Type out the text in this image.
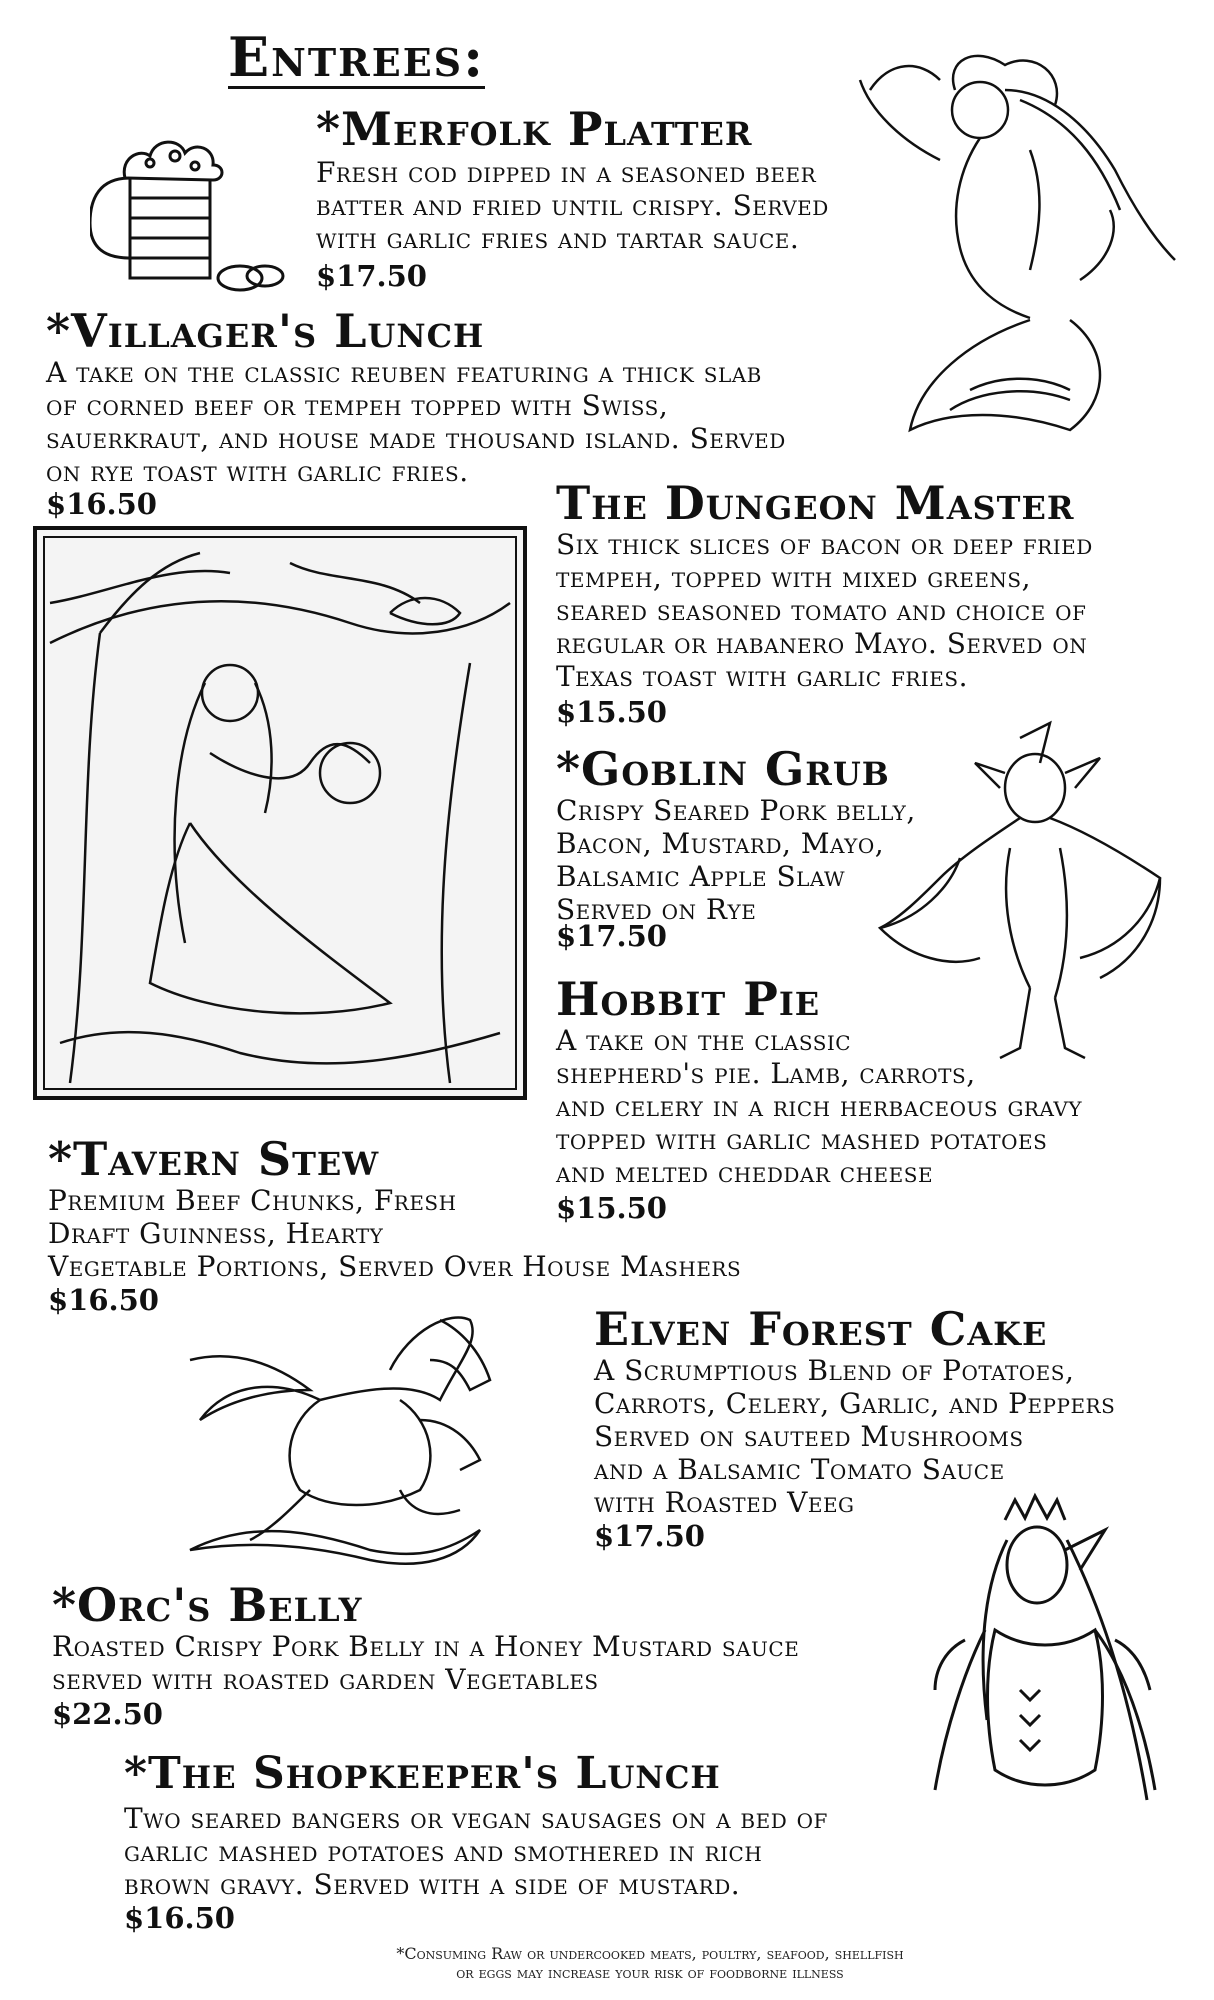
Entrees:
*Merfolk Platter
Fresh cod dipped in a seasoned beer
batter and fried until crispy. Served
with garlic fries and tartar sauce.
$17.50
*Villager's Lunch
A take on the classic reuben featuring a thick slab
of corned beef or tempeh topped with Swiss,
sauerkraut, and house made thousand island. Served
on rye toast with garlic fries.
$16.50	The Dungeon Master
Six thick slices of bacon or deep fried
tempeh, topped with mixed greens,
seared seasoned tomato and choice of
regular or habanero Mayo. Served on
Texas toast with garlic fries.
$15.50
*Goblin Grub
Crispy Seared Pork belly,
Bacon, Mustard, Mayo,
Balsamic Apple Slaw
Served on Rye
$17.50
Hobbit Pie
A take on the classic
shepherd's pie. Lamb, carrots,
and celery in a rich herbaceous gravy
topped with garlic mashed potatoes
and melted cheddar cheese
$15.50
*Tavern Stew
Premium Beef Chunks, Fresh
Draft Guinness, Hearty
Vegetable Portions, Served Over House Mashers
$16.50
Elven Forest Cake
A Scrumptious Blend of Potatoes,
Carrots, Celery, Garlic, and Peppers
Served on sauteed Mushrooms
and a Balsamic Tomato Sauce
with Roasted Veeg
$17.50
*Orc's Belly
Roasted Crispy Pork Belly in a Honey Mustard sauce
served with roasted garden Vegetables
$22.50
*The Shopkeeper's Lunch
Two seared bangers or vegan sausages on a bed of
garlic mashed potatoes and smothered in rich
brown gravy. Served with a side of mustard.
$16.50
*Consuming Raw or undercooked meats, poultry, seafood, shellfish
or eggs may increase your risk of foodborne illness
